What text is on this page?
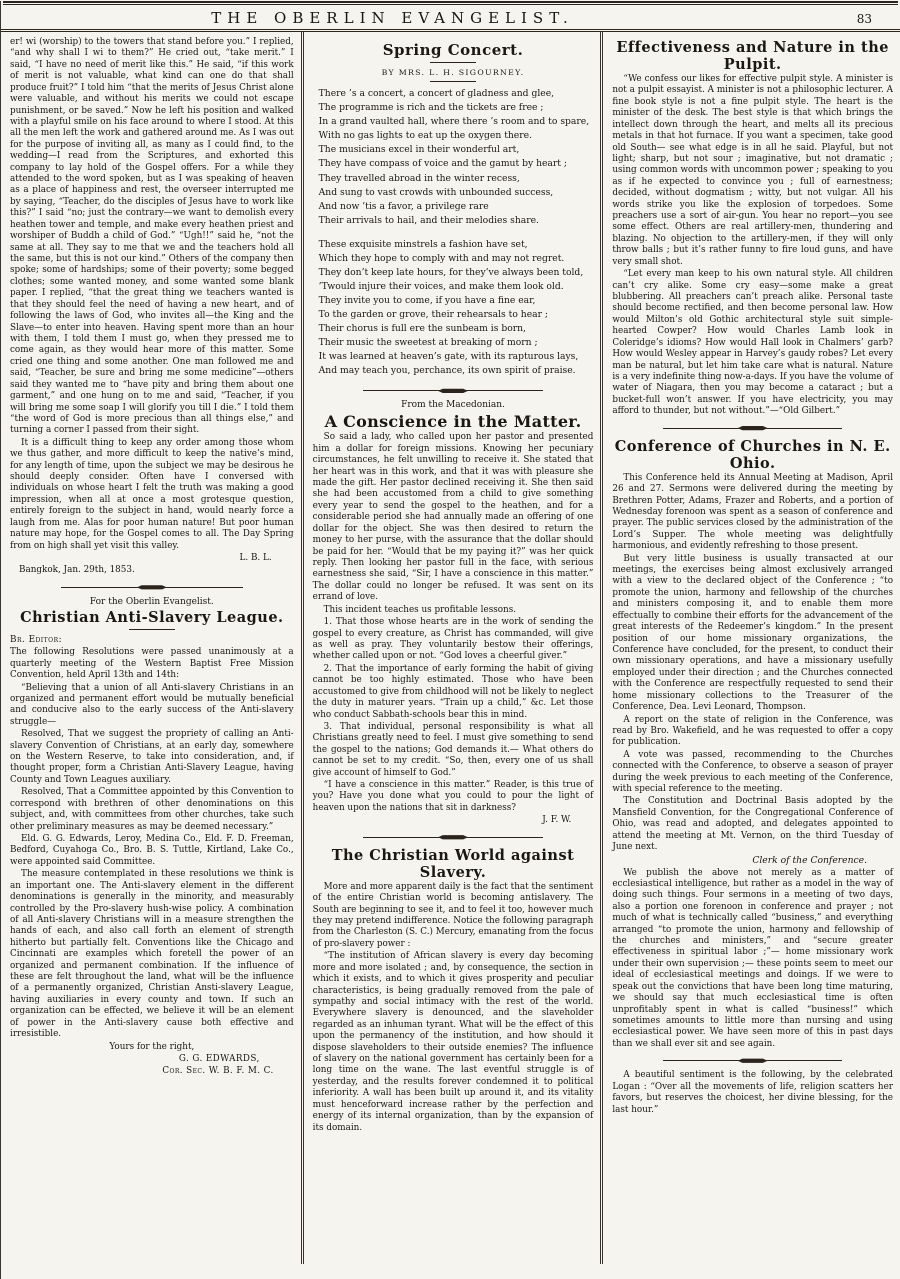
THE OBERLIN EVANGELIST.	83

er! wi (worship) to the towers that stand before you.” I replied, “and why shall I wi to them?” He cried out, “take merit.” I said, “I have no need of merit like this.” He said, “if this work of merit is not valuable, what kind can one do that shall produce fruit?” I told him “that the merits of Jesus Christ alone were valuable, and without his merits we could not escape punishment, or be saved.” Now he left his position and walked with a playful smile on his face around to where I stood. At this all the men left the work and gathered around me. As I was out for the purpose of inviting all, as many as I could find, to the wedding—I read from the Scriptures, and exhorted this company to lay hold of the Gospel offers. For a while they attended to the word spoken, but as I was speaking of heaven as a place of happiness and rest, the overseer interrupted me by saying, “Teacher, do the disciples of Jesus have to work like this?” I said “no; just the contrary—we want to demolish every heathen tower and temple, and make every heathen priest and worshiper of Buddh a child of God.” “Ugh!!” said he, “not the same at all. They say to me that we and the teachers hold all the same, but this is not our kind.” Others of the company then spoke; some of hardships; some of their poverty; some begged clothes; some wanted money, and some wanted some blank paper. I replied, “that the great thing we teachers wanted is that they should feel the need of having a new heart, and of following the laws of God, who invites all—the King and the Slave—to enter into heaven. Having spent more than an hour with them, I told them I must go, when they pressed me to come again, as they would hear more of this matter. Some cried one thing and some another. One man followed me and said, “Teacher, be sure and bring me some medicine”—others said they wanted me to “have pity and bring them about one garment,” and one hung on to me and said, “Teacher, if you will bring me some soap I will glorify you till I die.” I told them “the word of God is more precious than all things else,” and turning a corner I passed from their sight.

It is a difficult thing to keep any order among those whom we thus gather, and more difficult to keep the native’s mind, for any length of time, upon the subject we may be desirous he should deeply consider. Often have I conversed with individuals on whose heart I felt the truth was making a good impression, when all at once a most grotesque question, entirely foreign to the subject in hand, would nearly force a laugh from me. Alas for poor human nature! But poor human nature may hope, for the Gospel comes to all. The Day Spring from on high shall yet visit this valley.

L. B. L.

Bangkok, Jan. 29th, 1853.

For the Oberlin Evangelist.
Christian Anti-Slavery League.

Br. Editor:

The following Resolutions were passed unanimously at a quarterly meeting of the Western Baptist Free Mission Convention, held April 13th and 14th:

“Believing that a union of all Anti-slavery Christians in an organized and permanent effort would be mutually beneficial and conducive also to the early success of the Anti-slavery struggle—

Resolved, That we suggest the propriety of calling an Anti-slavery Convention of Christians, at an early day, somewhere on the Western Reserve, to take into consideration, and, if thought proper, form a Christian Anti-Slavery League, having County and Town Leagues auxiliary.

Resolved, That a Committee appointed by this Convention to correspond with brethren of other denominations on this subject, and, with committees from other churches, take such other preliminary measures as may be deemed necessary.”

Eld. G. G. Edwards, Leroy, Medina Co., Eld. F. D. Freeman, Bedford, Cuyahoga Co., Bro. B. S. Tuttle, Kirtland, Lake Co., were appointed said Committee.

The measure contemplated in these resolutions we think is an important one. The Anti-slavery element in the different denominations is generally in the minority, and measurably controlled by the Pro-slavery hush-wise policy. A combination of all Anti-slavery Christians will in a measure strengthen the hands of each, and also call forth an element of strength hitherto but partially felt. Conventions like the Chicago and Cincinnati are examples which foretell the power of an organized and permanent combination. If the influence of these are felt throughout the land, what will be the influence of a permanently organized, Christian Ansti-slavery League, having auxiliaries in every county and town. If such an organization can be effected, we believe it will be an element of power in the Anti-slavery cause both effective and irresistible.

Yours for the right,

G. G. EDWARDS,

Cor. Sec. W. B. F. M. C.

Spring Concert.

BY MRS. L. H. SIGOURNEY.

There ’s a concert, a concert of gladness and glee,
The programme is rich and the tickets are free ;
In a grand vaulted hall, where there ’s room and to spare,
With no gas lights to eat up the oxygen there.
The musicians excel in their wonderful art,
They have compass of voice and the gamut by heart ;
They travelled abroad in the winter recess,
And sung to vast crowds with unbounded success,
And now ’tis a favor, a privilege rare
Their arrivals to hail, and their melodies share.
These exquisite minstrels a fashion have set,
Which they hope to comply with and may not regret.
They don’t keep late hours, for they’ve always been told,
’Twould injure their voices, and make them look old.
They invite you to come, if you have a fine ear,
To the garden or grove, their rehearsals to hear ;
Their chorus is full ere the sunbeam is born,
Their music the sweetest at breaking of morn ;
It was learned at heaven’s gate, with its rapturous lays,
And may teach you, perchance, its own spirit of praise.
From the Macedonian.
A Conscience in the Matter.

So said a lady, who called upon her pastor and presented him a dollar for foreign missions. Knowing her pecuniary circumstances, he felt unwilling to receive it. She stated that her heart was in this work, and that it was with pleasure she made the gift. Her pastor declined receiving it. She then said she had been accustomed from a child to give something every year to send the gospel to the heathen, and for a considerable period she had annually made an offering of one dollar for the object. She was then desired to return the money to her purse, with the assurance that the dollar should be paid for her. “Would that be my paying it?” was her quick reply. Then looking her pastor full in the face, with serious earnestness she said, “Sir, I have a conscience in this matter.” The dollar could no longer be refused. It was sent on its errand of love.

This incident teaches us profitable lessons.

1. That those whose hearts are in the work of sending the gospel to every creature, as Christ has commanded, will give as well as pray. They voluntarily bestow their offerings, whether called upon or not. “God loves a cheerful giver.”

2. That the importance of early forming the habit of giving cannot be too highly estimated. Those who have been accustomed to give from childhood will not be likely to neglect the duty in maturer years. “Train up a child,” &c. Let those who conduct Sabbath-schools bear this in mind.

3. That individual, personal responsibility is what all Christians greatly need to feel. I must give something to send the gospel to the nations; God demands it.— What others do cannot be set to my credit. “So, then, every one of us shall give account of himself to God.”

“I have a conscience in this matter.” Reader, is this true of you? Have you done what you could to pour the light of heaven upon the nations that sit in darkness?

J. F. W.

The Christian World against Slavery.

More and more apparent daily is the fact that the sentiment of the entire Christian world is becoming antislavery. The South are beginning to see it, and to feel it too, however much they may pretend indifference. Notice the following paragraph from the Charleston (S. C.) Mercury, emanating from the focus of pro-slavery power :

“The institution of African slavery is every day becoming more and more isolated ; and, by consequence, the section in which it exists, and to which it gives prosperity and peculiar characteristics, is being gradually removed from the pale of sympathy and social intimacy with the rest of the world. Everywhere slavery is denounced, and the slaveholder regarded as an inhuman tyrant. What will be the effect of this upon the permanency of the institution, and how should it dispose slaveholders to their outside enemies? The influence of slavery on the national government has certainly been for a long time on the wane. The last eventful struggle is of yesterday, and the results forever condemned it to political inferiority. A wall has been built up around it, and its vitality must henceforward increase rather by the perfection and energy of its internal organization, than by the expansion of its domain.

Effectiveness and Nature in the Pulpit.

“We confess our likes for effective pulpit style. A minister is not a pulpit essayist. A minister is not a philosophic lecturer. A fine book style is not a fine pulpit style. The heart is the minister of the desk. The best style is that which brings the intellect down through the heart, and melts all its precious metals in that hot furnace. If you want a specimen, take good old South— see what edge is in all he said. Playful, but not light; sharp, but not sour ; imaginative, but not dramatic ; using common words with uncommon power ; speaking to you as if he expected to convince you ; full of earnestness; decided, without dogmatism ; witty, but not vulgar. All his words strike you like the explosion of torpedoes. Some preachers use a sort of air-gun. You hear no report—you see some effect. Others are real artillery-men, thundering and blazing. No objection to the artillery-men, if they will only throw balls ; but it’s rather funny to fire loud guns, and have very small shot.

“Let every man keep to his own natural style. All children can’t cry alike. Some cry easy—some make a great blubbering. All preachers can’t preach alike. Personal taste should become rectified, and then become personal law. How would Milton’s old Gothic architectural style suit simple-hearted Cowper? How would Charles Lamb look in Coleridge’s idioms? How would Hall look in Chalmers’ garb? How would Wesley appear in Harvey’s gaudy robes? Let every man be natural, but let him take care what is natural. Nature is a very indefinite thing now-a-days. If you have the volume of water of Niagara, then you may become a cataract ; but a bucket-full won’t answer. If you have electricity, you may afford to thunder, but not without.”—“Old Gilbert.”

Conference of Churches in N. E. Ohio.

This Conference held its Annual Meeting at Madison, April 26 and 27. Sermons were delivered during the meeting by Brethren Potter, Adams, Frazer and Roberts, and a portion of Wednesday forenoon was spent as a season of conference and prayer. The public services closed by the administration of the Lord’s Supper. The whole meeting was delightfully harmonious, and evidently refreshing to those present.

But very little business is usually transacted at our meetings, the exercises being almost exclusively arranged with a view to the declared object of the Conference ; “to promote the union, harmony and fellowship of the churches and ministers composing it, and to enable them more effectually to combine their efforts for the advancement of the great interests of the Redeemer’s kingdom.” In the present position of our home missionary organizations, the Conference have concluded, for the present, to conduct their own missionary operations, and have a missionary usefully employed under their direction ; and the Churches connected with the Conference are respectfully requested to send their home missionary collections to the Treasurer of the Conference, Dea. Levi Leonard, Thompson.

A report on the state of religion in the Conference, was read by Bro. Wakefield, and he was requested to offer a copy for publication.

A vote was passed, recommending to the Churches connected with the Conference, to observe a season of prayer during the week previous to each meeting of the Conference, with special reference to the meeting.

The Constitution and Doctrinal Basis adopted by the Mansfield Convention, for the Congregational Conference of Ohio, was read and adopted, and delegates appointed to attend the meeting at Mt. Vernon, on the third Tuesday of June next.

Clerk of the Conference.

We publish the above not merely as a matter of ecclesiastical intelligence, but rather as a model in the way of doing such things. Four sermons in a meeting of two days, also a portion one forenoon in conference and prayer ; not much of what is technically called “business,” and everything arranged “to promote the union, harmony and fellowship of the churches and ministers,” and “secure greater effectiveness in spiritual labor ;”— home missionary work under their own supervision ;— these points seem to meet our ideal of ecclesiastical meetings and doings. If we were to speak out the convictions that have been long time maturing, we should say that much ecclesiastical time is often unprofitably spent in what is called “business!” which sometimes amounts to little more than nursing and using ecclesiastical power. We have seen more of this in past days than we shall ever sit and see again.

A beautiful sentiment is the following, by the celebrated Logan : “Over all the movements of life, religion scatters her favors, but reserves the choicest, her divine blessing, for the last hour.”
